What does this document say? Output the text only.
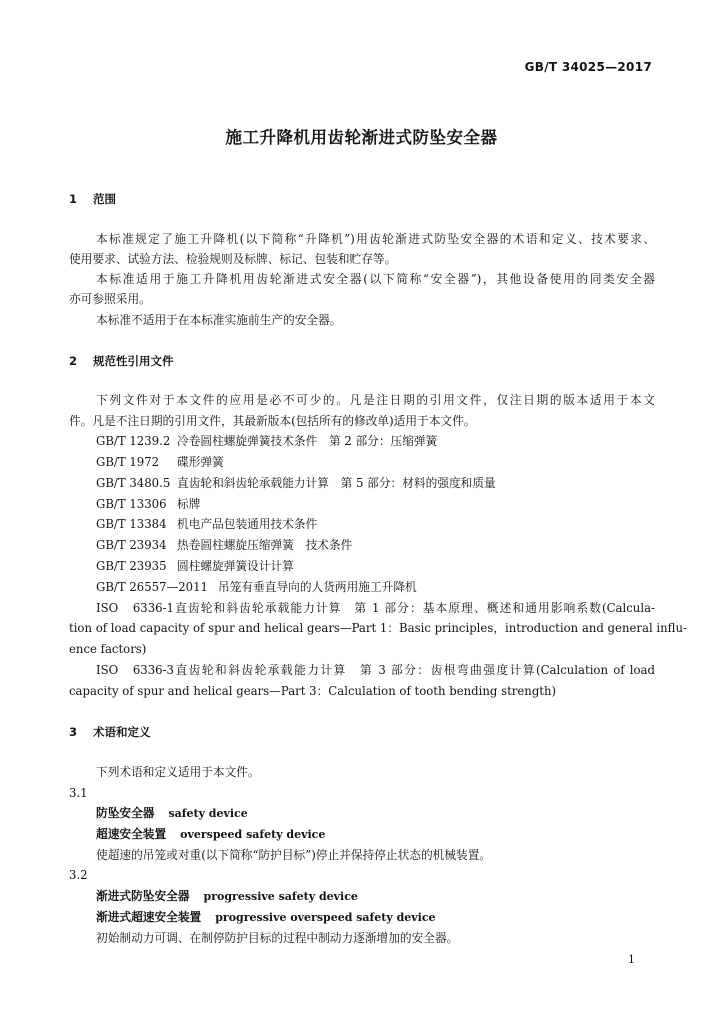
GB/T 34025—2017
施工升降机用齿轮渐进式防坠安全器
1 范围
本标准规定了施工升降机(以下简称“升降机”)用齿轮渐进式防坠安全器的术语和定义、技术要求、
使用要求、试验方法、检验规则及标牌、标记、包装和贮存等。
本标准适用于施工升降机用齿轮渐进式安全器(以下简称“安全器”)，其他设备使用的同类安全器
亦可参照采用。
本标准不适用于在本标准实施前生产的安全器。
2 规范性引用文件
下列文件对于本文件的应用是必不可少的。凡是注日期的引用文件，仅注日期的版本适用于本文
件。凡是不注日期的引用文件，其最新版本(包括所有的修改单)适用于本文件。
GB/T 1239.2 冷卷圆柱螺旋弹簧技术条件　第 2 部分：压缩弹簧
GB/T 1972 碟形弹簧
GB/T 3480.5 直齿轮和斜齿轮承载能力计算　第 5 部分：材料的强度和质量
GB/T 13306 标牌
GB/T 13384 机电产品包装通用技术条件
GB/T 23934 热卷圆柱螺旋压缩弹簧　技术条件
GB/T 23935 圆柱螺旋弹簧设计计算
GB/T 26557—2011 吊笼有垂直导向的人货两用施工升降机
ISO 6336-1直齿轮和斜齿轮承载能力计算　第 1 部分：基本原理、概述和通用影响系数(Calcula-
tion of load capacity of spur and helical gears—Part 1：Basic principles，introduction and general influ-
ence factors)
ISO 6336-3直齿轮和斜齿轮承载能力计算　第 3 部分：齿根弯曲强度计算(Calculation of load
capacity of spur and helical gears—Part 3：Calculation of tooth bending strength)
3 术语和定义
下列术语和定义适用于本文件。
3.1
防坠安全器 safety device
超速安全装置 overspeed safety device
使超速的吊笼或对重(以下简称“防护目标”)停止并保持停止状态的机械装置。
3.2
渐进式防坠安全器 progressive safety device
渐进式超速安全装置 progressive overspeed safety device
初始制动力可调、在制停防护目标的过程中制动力逐渐增加的安全器。
1
